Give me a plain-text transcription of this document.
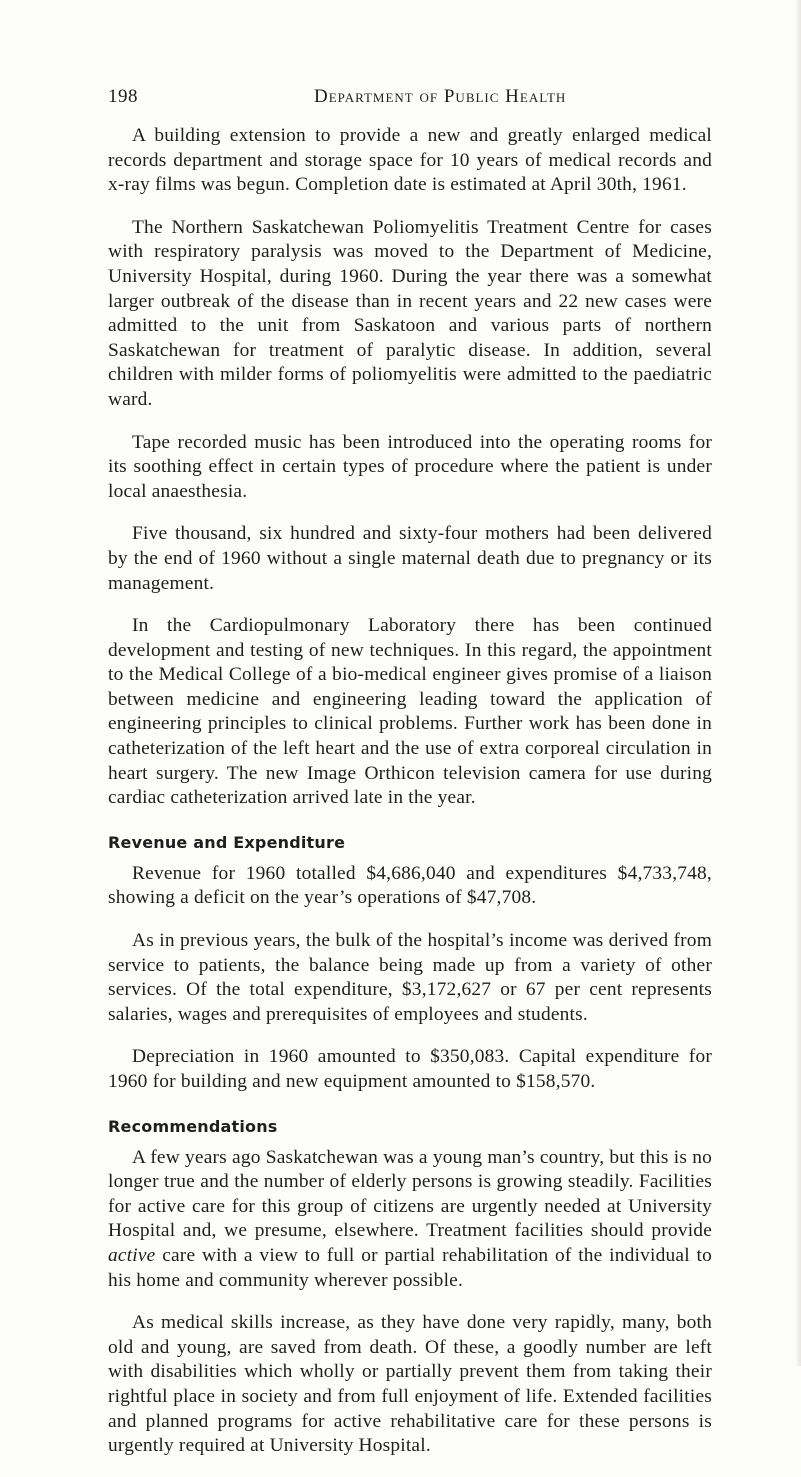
198	Department of Public Health

A building extension to provide a new and greatly enlarged medical records department and storage space for 10 years of medical records and x-ray films was begun. Completion date is estimated at April 30th, 1961.

The Northern Saskatchewan Poliomyelitis Treatment Centre for cases with respiratory paralysis was moved to the Department of Medicine, University Hospital, during 1960. During the year there was a somewhat larger outbreak of the disease than in recent years and 22 new cases were admitted to the unit from Saskatoon and various parts of northern Saskatchewan for treatment of paralytic disease. In addition, several children with milder forms of poliomyelitis were admitted to the paediatric ward.

Tape recorded music has been introduced into the operating rooms for its soothing effect in certain types of procedure where the patient is under local anaesthesia.

Five thousand, six hundred and sixty-four mothers had been delivered by the end of 1960 without a single maternal death due to pregnancy or its management.

In the Cardiopulmonary Laboratory there has been continued development and testing of new techniques. In this regard, the appointment to the Medical College of a bio-medical engineer gives promise of a liaison between medicine and engineering leading toward the application of engineering principles to clinical problems. Further work has been done in catheterization of the left heart and the use of extra corporeal circulation in heart surgery. The new Image Orthicon television camera for use during cardiac catheterization arrived late in the year.

Revenue and Expenditure

Revenue for 1960 totalled $4,686,040 and expenditures $4,733,748, showing a deficit on the year’s operations of $47,708.

As in previous years, the bulk of the hospital’s income was derived from service to patients, the balance being made up from a variety of other services. Of the total expenditure, $3,172,627 or 67 per cent represents salaries, wages and prerequisites of employees and students.

Depreciation in 1960 amounted to $350,083. Capital expenditure for 1960 for building and new equipment amounted to $158,570.

Recommendations

A few years ago Saskatchewan was a young man’s country, but this is no longer true and the number of elderly persons is growing steadily. Facilities for active care for this group of citizens are urgently needed at University Hospital and, we presume, elsewhere. Treatment facilities should provide active care with a view to full or partial rehabilitation of the individual to his home and community wherever possible.

As medical skills increase, as they have done very rapidly, many, both old and young, are saved from death. Of these, a goodly number are left with disabilities which wholly or partially prevent them from taking their rightful place in society and from full enjoyment of life. Extended facilities and planned programs for active rehabilitative care for these persons is urgently required at University Hospital.
